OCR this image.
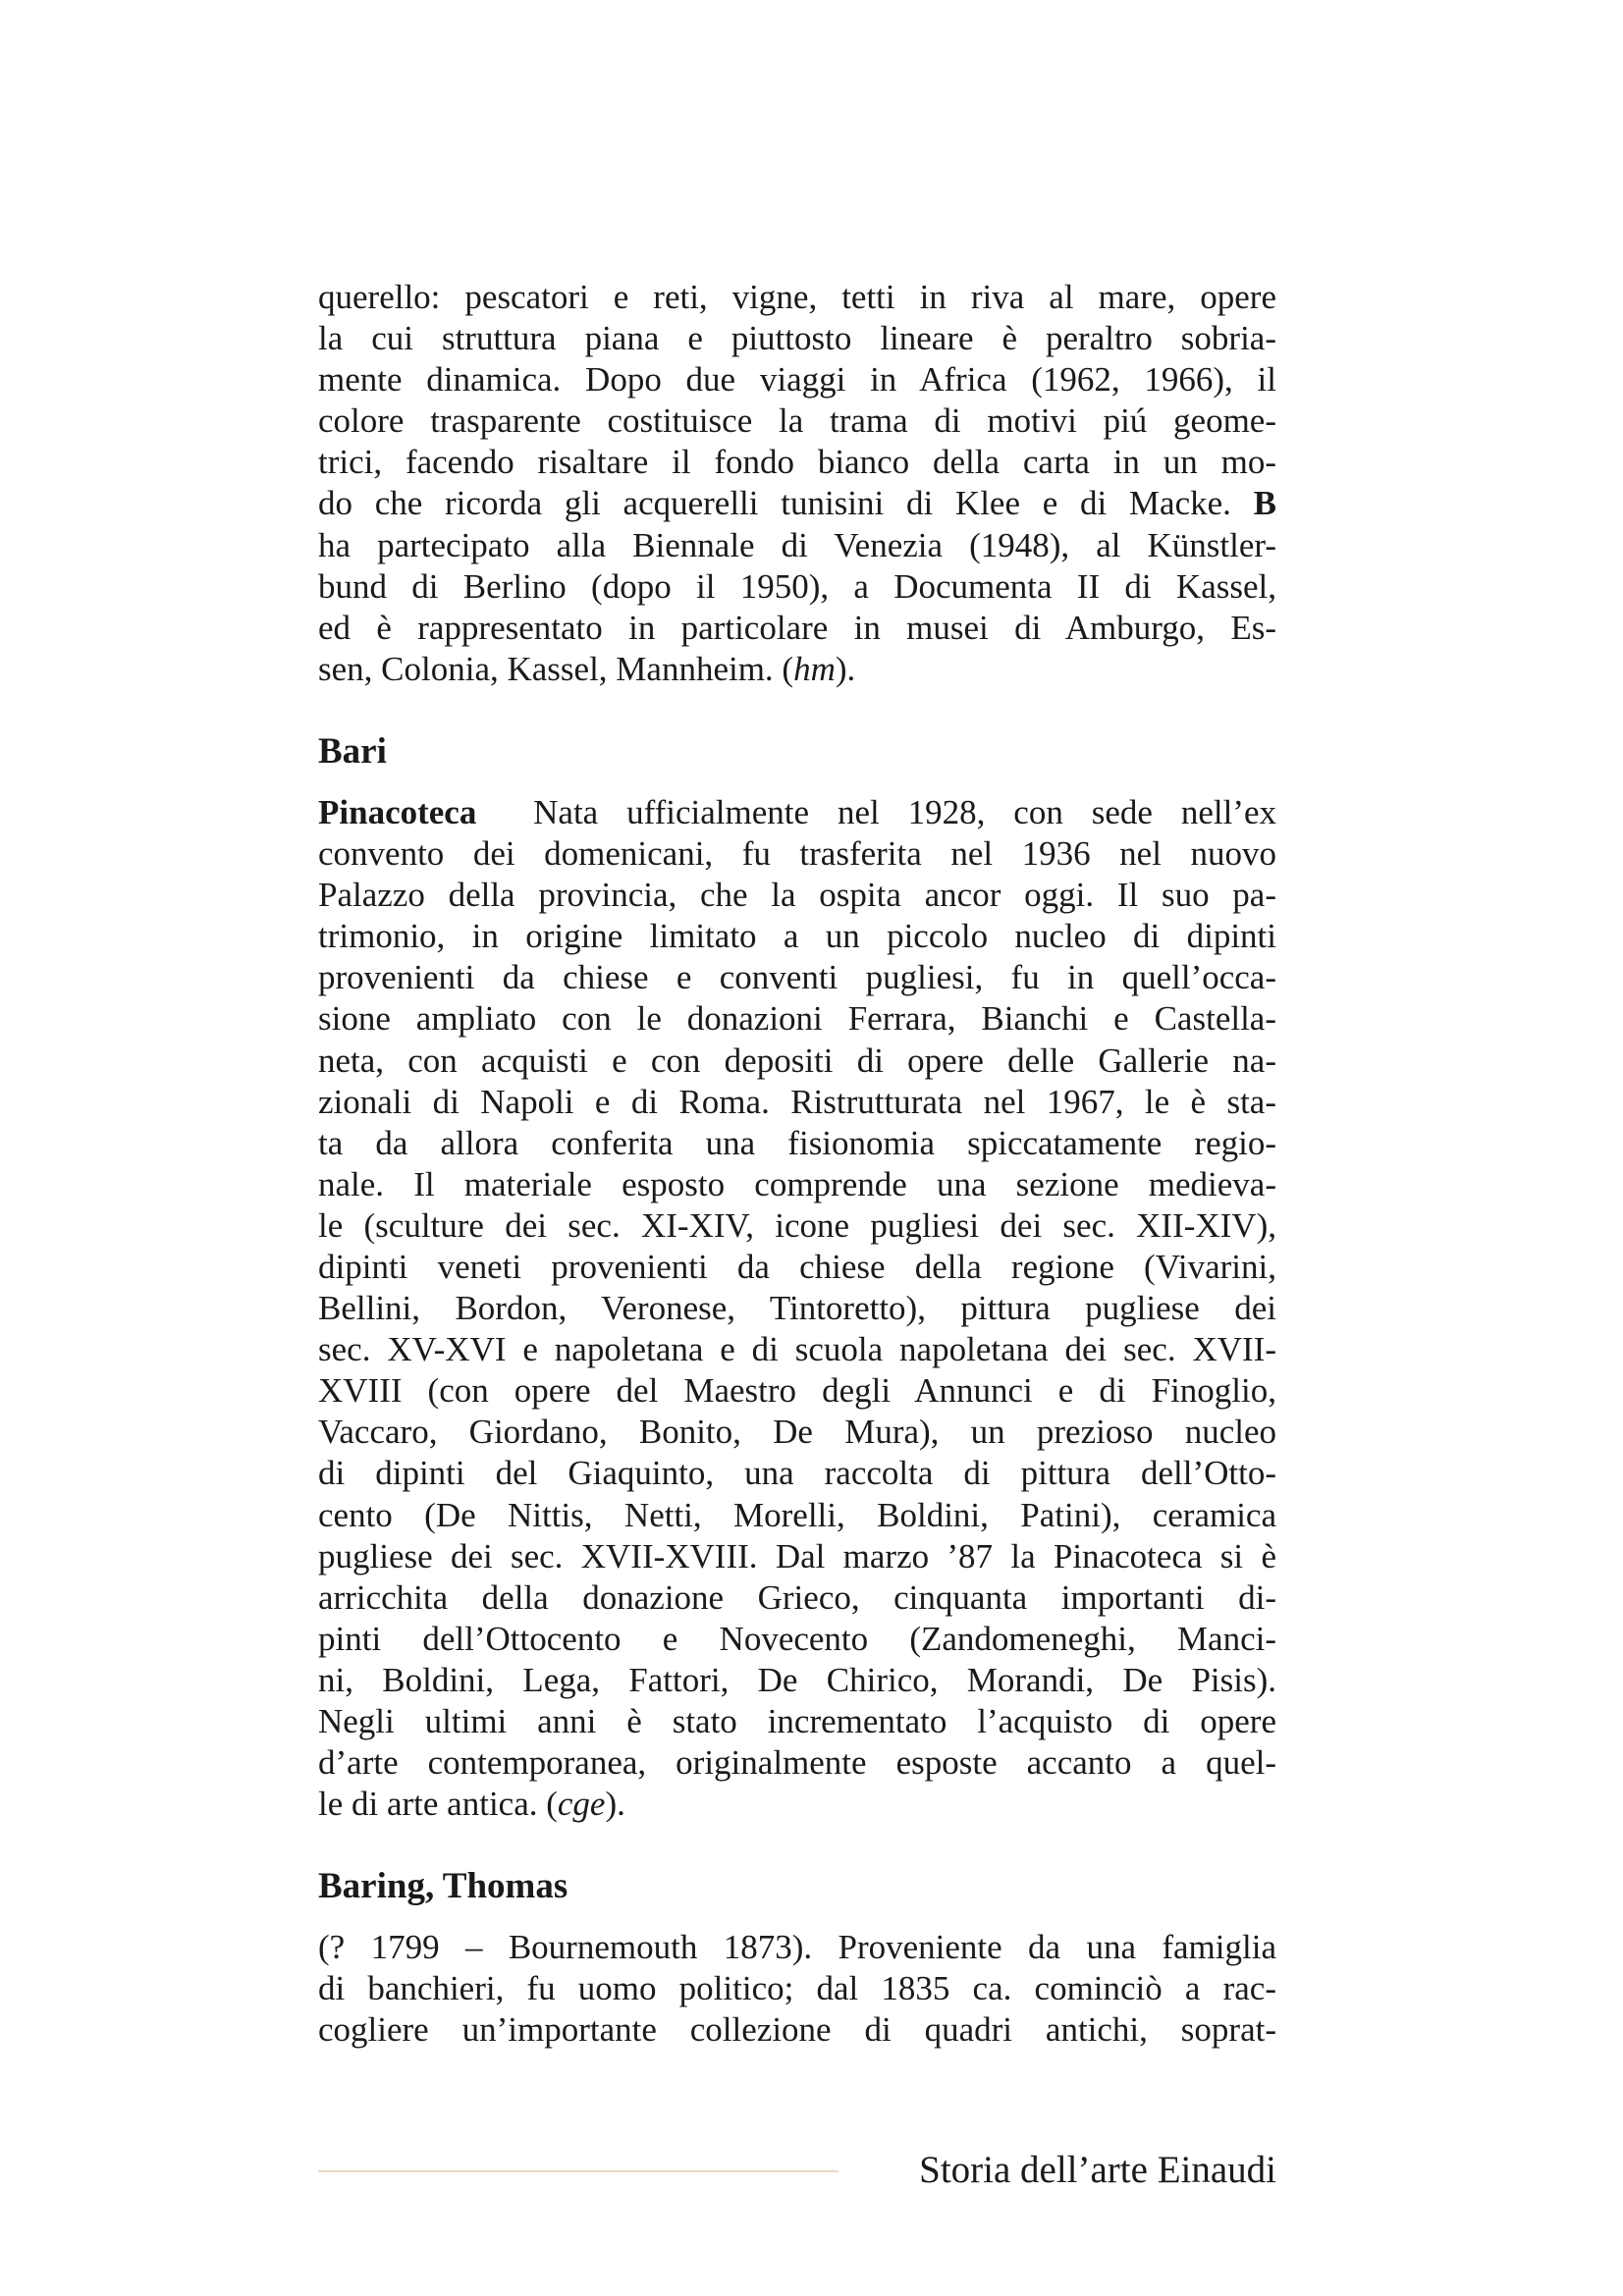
querello: pescatori e reti, vigne, tetti in riva al mare, opere
la cui struttura piana e piuttosto lineare è peraltro sobria-
mente dinamica. Dopo due viaggi in Africa (1962, 1966), il
colore trasparente costituisce la trama di motivi piú geome-
trici, facendo risaltare il fondo bianco della carta in un mo-
do che ricorda gli acquerelli tunisini di Klee e di Macke. B
ha partecipato alla Biennale di Venezia (1948), al Künstler-
bund di Berlino (dopo il 1950), a Documenta II di Kassel,
ed è rappresentato in particolare in musei di Amburgo, Es-
sen, Colonia, Kassel, Mannheim. (hm).
Bari
Pinacoteca Nata ufficialmente nel 1928, con sede nell’ex
convento dei domenicani, fu trasferita nel 1936 nel nuovo
Palazzo della provincia, che la ospita ancor oggi. Il suo pa-
trimonio, in origine limitato a un piccolo nucleo di dipinti
provenienti da chiese e conventi pugliesi, fu in quell’occa-
sione ampliato con le donazioni Ferrara, Bianchi e Castella-
neta, con acquisti e con depositi di opere delle Gallerie na-
zionali di Napoli e di Roma. Ristrutturata nel 1967, le è sta-
ta da allora conferita una fisionomia spiccatamente regio-
nale. Il materiale esposto comprende una sezione medieva-
le (sculture dei sec. XI-XIV, icone pugliesi dei sec. XII-XIV),
dipinti veneti provenienti da chiese della regione (Vivarini,
Bellini, Bordon, Veronese, Tintoretto), pittura pugliese dei
sec. XV-XVI e napoletana e di scuola napoletana dei sec. XVII-
XVIII (con opere del Maestro degli Annunci e di Finoglio,
Vaccaro, Giordano, Bonito, De Mura), un prezioso nucleo
di dipinti del Giaquinto, una raccolta di pittura dell’Otto-
cento (De Nittis, Netti, Morelli, Boldini, Patini), ceramica
pugliese dei sec. XVII-XVIII. Dal marzo ’87 la Pinacoteca si è
arricchita della donazione Grieco, cinquanta importanti di-
pinti dell’Ottocento e Novecento (Zandomeneghi, Manci-
ni, Boldini, Lega, Fattori, De Chirico, Morandi, De Pisis).
Negli ultimi anni è stato incrementato l’acquisto di opere
d’arte contemporanea, originalmente esposte accanto a quel-
le di arte antica. (cge).
Baring, Thomas
(? 1799 – Bournemouth 1873). Proveniente da una famiglia
di banchieri, fu uomo politico; dal 1835 ca. cominciò a rac-
cogliere un’importante collezione di quadri antichi, soprat-
Storia dell’arte Einaudi
